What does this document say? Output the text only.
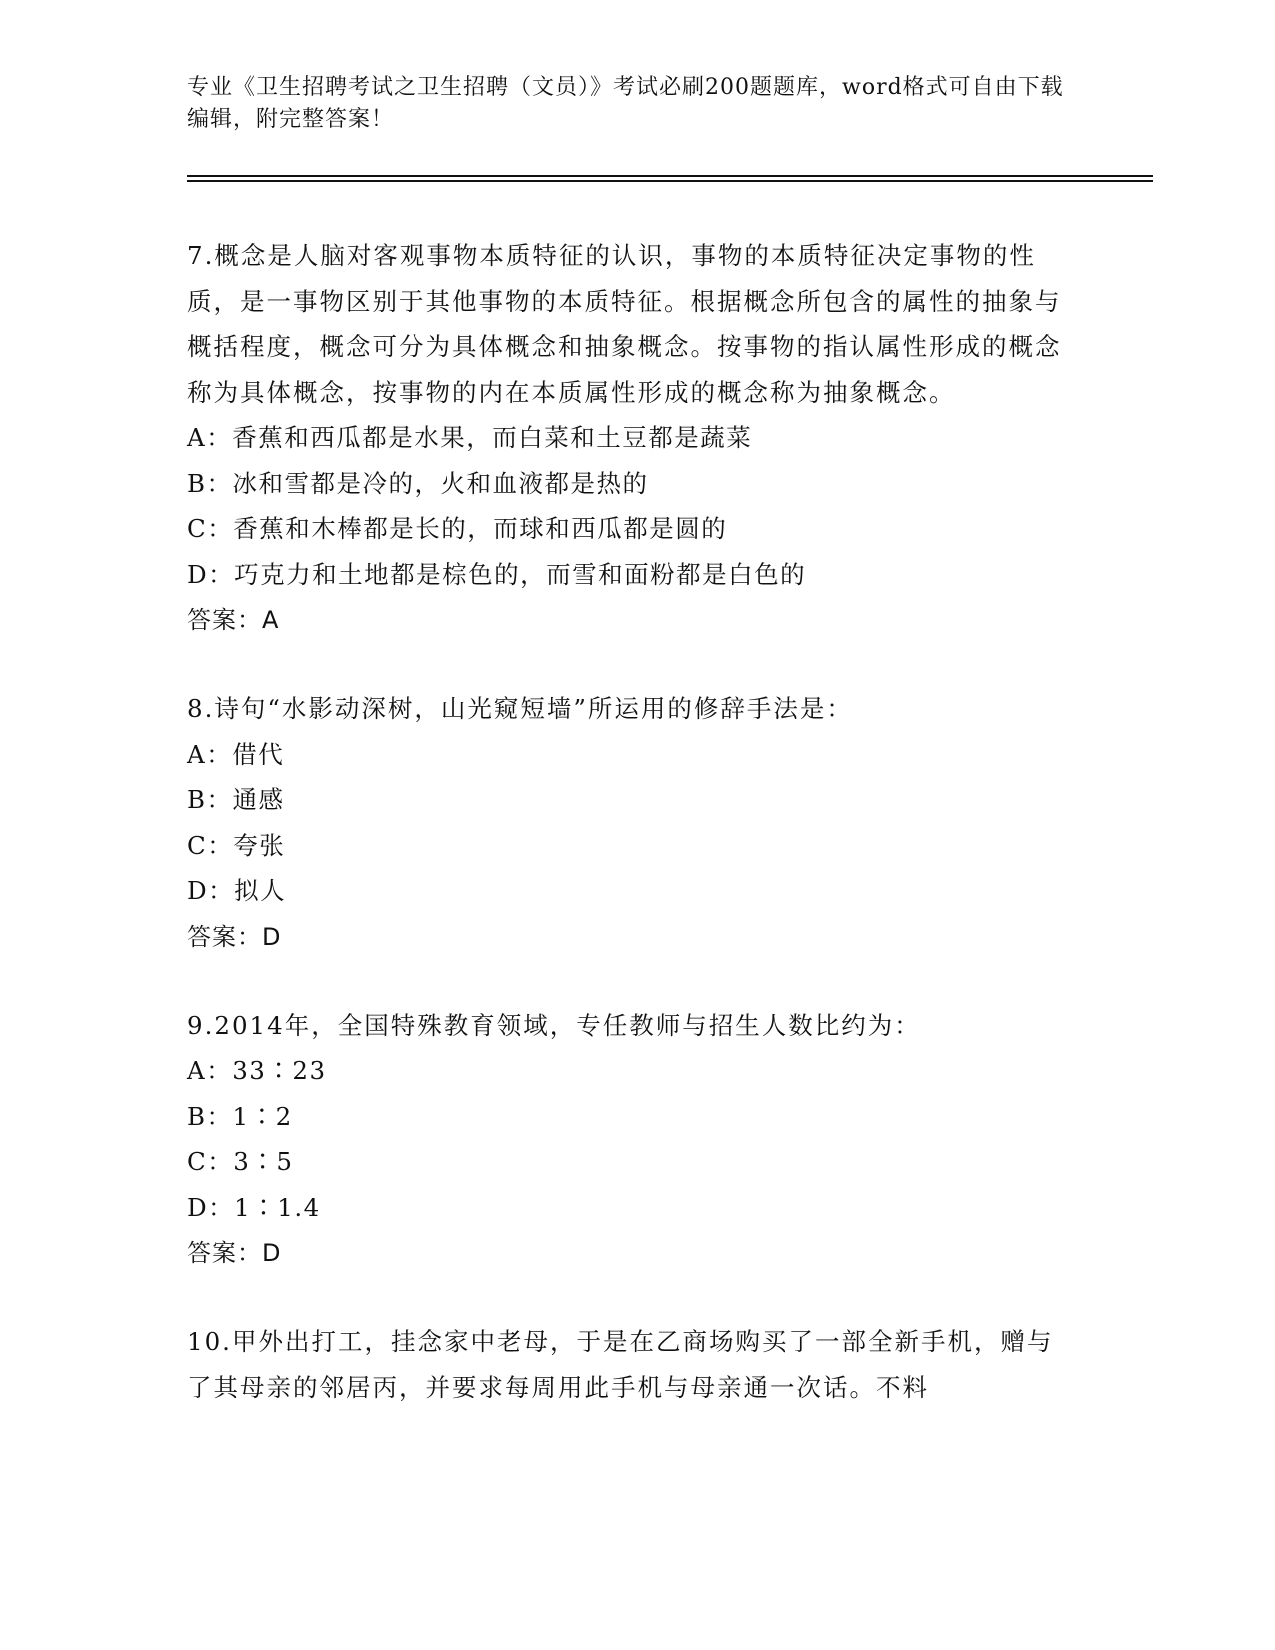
专业《卫生招聘考试之卫生招聘（文员）》考试必刷200题题库，word格式可自由下载编辑，附完整答案！
7.概念是人脑对客观事物本质特征的认识，事物的本质特征决定事物的性质，是一事物区别于其他事物的本质特征。根据概念所包含的属性的抽象与概括程度，概念可分为具体概念和抽象概念。按事物的指认属性形成的概念称为具体概念，按事物的内在本质属性形成的概念称为抽象概念。
A：香蕉和西瓜都是水果，而白菜和土豆都是蔬菜
B：冰和雪都是冷的，火和血液都是热的
C：香蕉和木棒都是长的，而球和西瓜都是圆的
D：巧克力和土地都是棕色的，而雪和面粉都是白色的
答案：A
8.诗句“水影动深树，山光窥短墙”所运用的修辞手法是：
A：借代
B：通感
C：夸张
D：拟人
答案：D
9.2014年，全国特殊教育领域，专任教师与招生人数比约为：
A：33∶23
B：1∶2
C：3∶5
D：1∶1.4
答案：D
10.甲外出打工，挂念家中老母，于是在乙商场购买了一部全新手机，赠与了其母亲的邻居丙，并要求每周用此手机与母亲通一次话。不料
